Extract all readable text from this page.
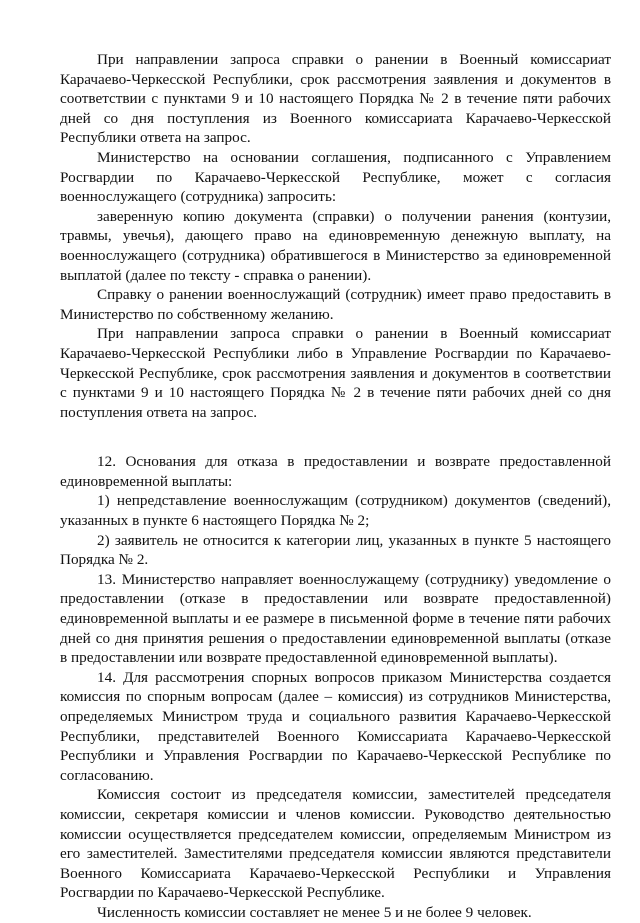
При направлении запроса справки о ранении в Военный комиссариат Карачаево-Черкесской Республики, срок рассмотрения заявления и документов в соответствии с пунктами 9 и 10 настоящего Порядка № 2 в течение пяти рабочих дней со дня поступления из Военного комиссариата Карачаево-Черкесской Республики ответа на запрос.

Министерство на основании соглашения, подписанного с Управлением Росгвардии по Карачаево-Черкесской Республике, может с согласия военнослужащего (сотрудника) запросить:

заверенную копию документа (справки) о получении ранения (контузии, травмы, увечья), дающего право на единовременную денежную выплату, на военнослужащего (сотрудника) обратившегося в Министерство за единовременной выплатой (далее по тексту - справка о ранении).

Справку о ранении военнослужащий (сотрудник) имеет право предоставить в Министерство по собственному желанию.

При направлении запроса справки о ранении в Военный комиссариат Карачаево-Черкесской Республики либо в Управление Росгвардии по Карачаево-Черкесской Республике, срок рассмотрения заявления и документов в соответствии с пунктами 9 и 10 настоящего Порядка № 2 в течение пяти рабочих дней со дня поступления ответа на запрос.

12. Основания для отказа в предоставлении и возврате предоставленной единовременной выплаты:

1) непредставление военнослужащим (сотрудником) документов (сведений), указанных в пункте 6 настоящего Порядка № 2;

2) заявитель не относится к категории лиц, указанных в пункте 5 настоящего Порядка № 2.

13. Министерство направляет военнослужащему (сотруднику) уведомление о предоставлении (отказе в предоставлении или возврате предоставленной) единовременной выплаты и ее размере в письменной форме в течение пяти рабочих дней со дня принятия решения о предоставлении единовременной выплаты (отказе в предоставлении или возврате предоставленной единовременной выплаты).

14. Для рассмотрения спорных вопросов приказом Министерства создается комиссия по спорным вопросам (далее – комиссия) из сотрудников Министерства, определяемых Министром труда и социального развития Карачаево-Черкесской Республики, представителей Военного Комиссариата Карачаево-Черкесской Республики и Управления Росгвардии по Карачаево-Черкесской Республике по согласованию.

Комиссия состоит из председателя комиссии, заместителей председателя комиссии, секретаря комиссии и членов комиссии. Руководство деятельностью комиссии осуществляется председателем комиссии, определяемым Министром из его заместителей. Заместителями председателя комиссии являются представители Военного Комиссариата Карачаево-Черкесской Республики и Управления Росгвардии по Карачаево-Черкесской Республике.

Численность комиссии составляет не менее 5 и не более 9 человек.
